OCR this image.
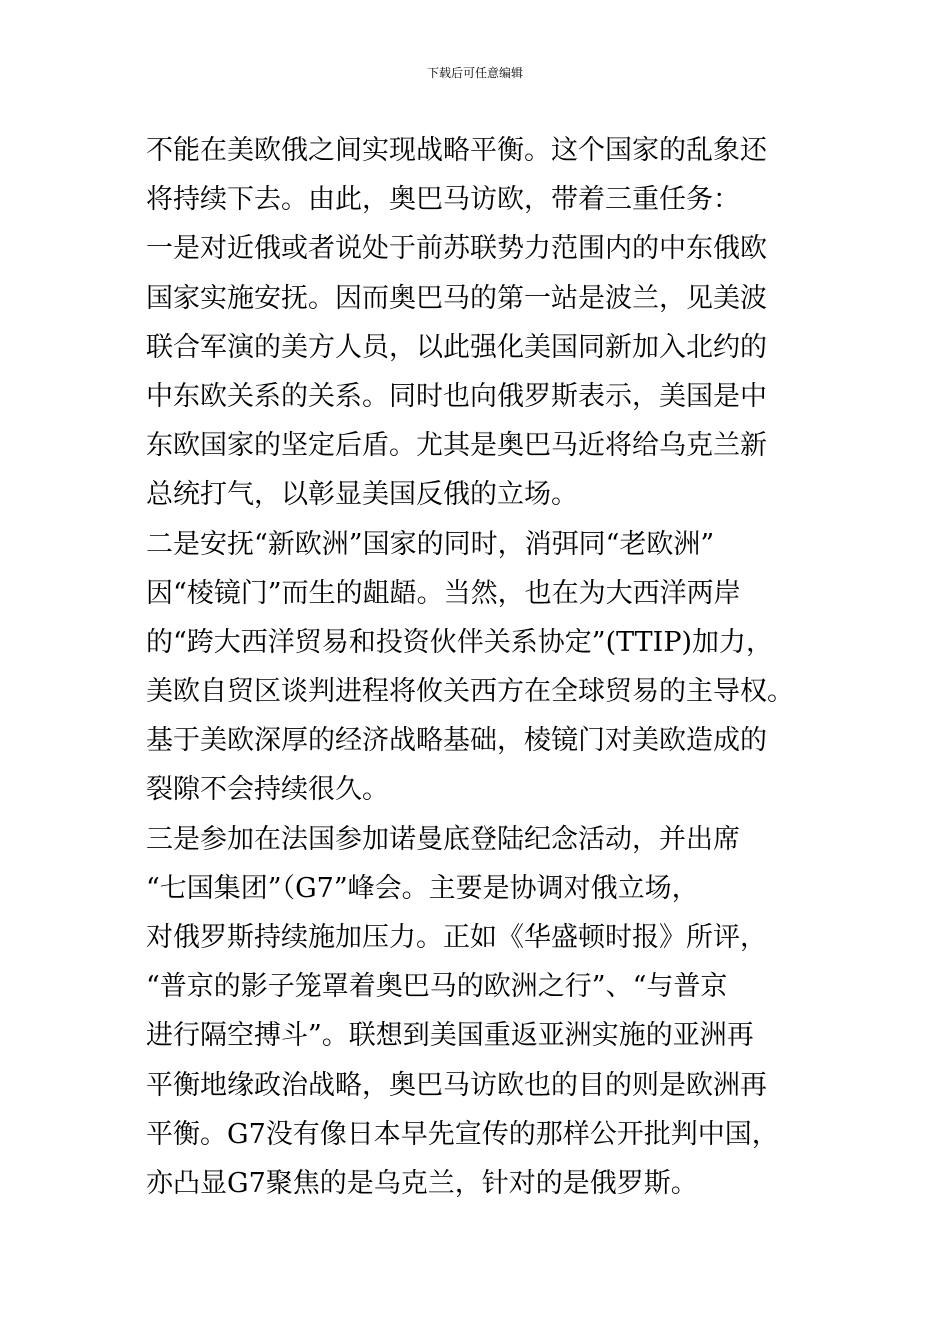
下载后可任意编辑
不能在美欧俄之间实现战略平衡。这个国家的乱象还
将持续下去。由此，奥巴马访欧，带着三重任务：
一是对近俄或者说处于前苏联势力范围内的中东俄欧
国家实施安抚。因而奥巴马的第一站是波兰，见美波
联合军演的美方人员，以此强化美国同新加入北约的
中东欧关系的关系。同时也向俄罗斯表示，美国是中
东欧国家的坚定后盾。尤其是奥巴马近将给乌克兰新
总统打气，以彰显美国反俄的立场。
二是安抚“新欧洲”国家的同时，消弭同“老欧洲”
因“棱镜门”而生的龃龉。当然，也在为大西洋两岸
的“跨大西洋贸易和投资伙伴关系协定”(TTIP)加力，
美欧自贸区谈判进程将攸关西方在全球贸易的主导权。
基于美欧深厚的经济战略基础，棱镜门对美欧造成的
裂隙不会持续很久。
三是参加在法国参加诺曼底登陆纪念活动，并出席
“七国集团”（G7”峰会。主要是协调对俄立场，
对俄罗斯持续施加压力。正如《华盛顿时报》所评，
“普京的影子笼罩着奥巴马的欧洲之行”、“与普京
进行隔空搏斗”。联想到美国重返亚洲实施的亚洲再
平衡地缘政治战略，奥巴马访欧也的目的则是欧洲再
平衡。G7没有像日本早先宣传的那样公开批判中国，
亦凸显G7聚焦的是乌克兰，针对的是俄罗斯。
